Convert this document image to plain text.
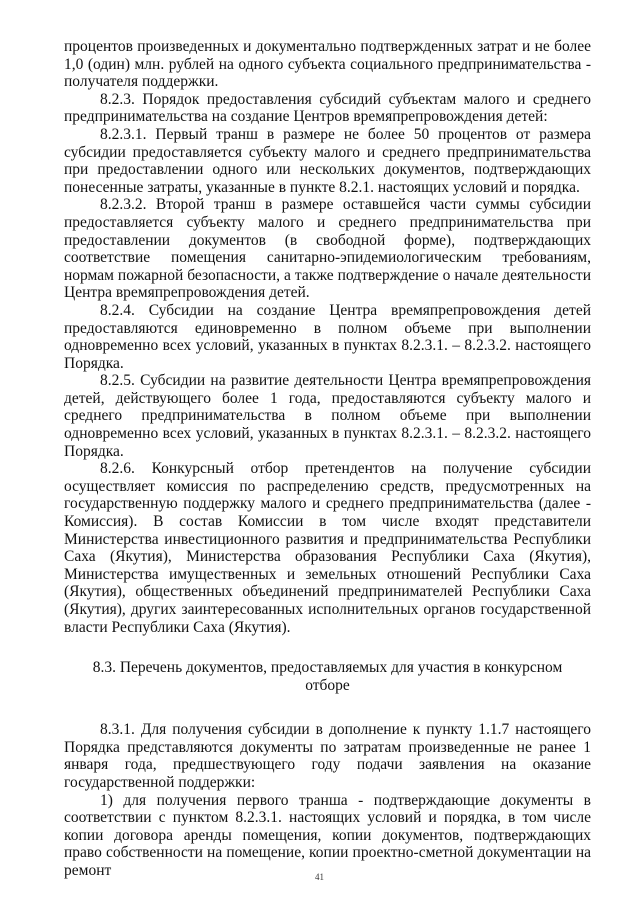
процентов произведенных и документально подтвержденных затрат и не более 1,0 (один) млн. рублей на одного субъекта социального предпринимательства - получателя поддержки.

8.2.3. Порядок предоставления субсидий субъектам малого и среднего предпринимательства на создание Центров времяпрепровождения детей:

8.2.3.1. Первый транш в размере не более 50 процентов от размера субсидии предоставляется субъекту малого и среднего предпринимательства при предоставлении одного или нескольких документов, подтверждающих понесенные затраты, указанные в пункте 8.2.1. настоящих условий и порядка.

8.2.3.2. Второй транш в размере оставшейся части суммы субсидии предоставляется субъекту малого и среднего предпринимательства при предоставлении документов (в свободной форме), подтверждающих соответствие помещения санитарно-эпидемиологическим требованиям, нормам пожарной безопасности, а также подтверждение о начале деятельности Центра времяпрепровождения детей.

8.2.4. Субсидии на создание Центра времяпрепровождения детей предоставляются единовременно в полном объеме при выполнении одновременно всех условий, указанных в пунктах 8.2.3.1. – 8.2.3.2. настоящего Порядка.

8.2.5. Субсидии на развитие деятельности Центра времяпрепровождения детей, действующего более 1 года, предоставляются субъекту малого и среднего предпринимательства в полном объеме при выполнении одновременно всех условий, указанных в пунктах 8.2.3.1. – 8.2.3.2. настоящего Порядка.

8.2.6. Конкурсный отбор претендентов на получение субсидии осуществляет комиссия по распределению средств, предусмотренных на государственную поддержку малого и среднего предпринимательства (далее - Комиссия). В состав Комиссии в том числе входят представители Министерства инвестиционного развития и предпринимательства Республики Саха (Якутия), Министерства образования Республики Саха (Якутия), Министерства имущественных и земельных отношений Республики Саха (Якутия), общественных объединений предпринимателей Республики Саха (Якутия), других заинтересованных исполнительных органов государственной власти Республики Саха (Якутия).

8.3. Перечень документов, предоставляемых для участия в конкурсном отборе

8.3.1. Для получения субсидии в дополнение к пункту 1.1.7 настоящего Порядка представляются документы по затратам произведенные не ранее 1 января года, предшествующего году подачи заявления на оказание государственной поддержки:

1) для получения первого транша - подтверждающие документы в соответствии с пунктом 8.2.3.1. настоящих условий и порядка, в том числе копии договора аренды помещения, копии документов, подтверждающих право собственности на помещение, копии проектно-сметной документации на ремонт	41
